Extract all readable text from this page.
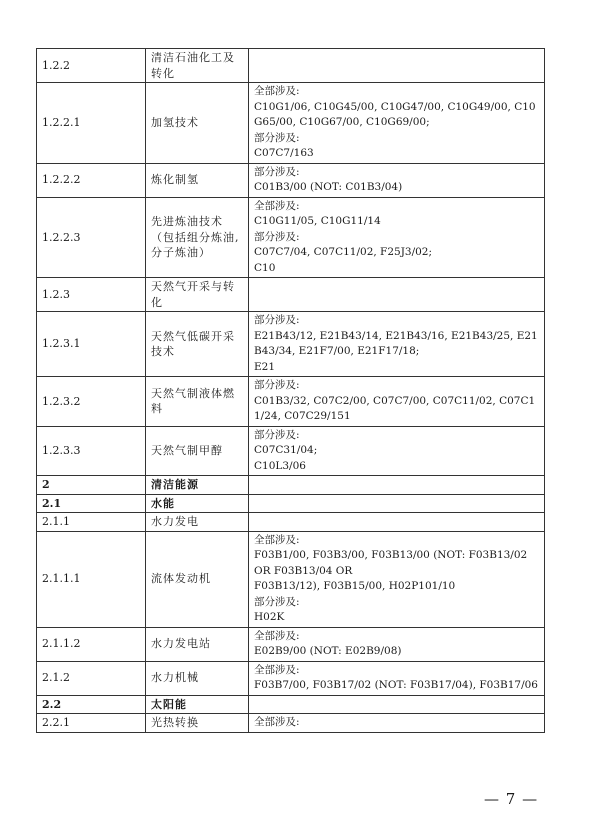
1.2.2	清洁石油化工及转化	
1.2.2.1	加氢技术	全部涉及:
C10G1/06, C10G45/00, C10G47/00, C10G49/00, C10G65/00, C10G67/00, C10G69/00;
部分涉及:
C07C7/163
1.2.2.2	炼化制氢	部分涉及:
C01B3/00 (NOT: C01B3/04)
1.2.2.3	先进炼油技术（包括组分炼油, 分子炼油）	全部涉及:
C10G11/05, C10G11/14
部分涉及:
C07C7/04, C07C11/02, F25J3/02;
C10
1.2.3	天然气开采与转化	
1.2.3.1	天然气低碳开采技术	部分涉及:
E21B43/12, E21B43/14, E21B43/16, E21B43/25, E21B43/34, E21F7/00, E21F17/18;
E21
1.2.3.2	天然气制液体燃料	部分涉及:
C01B3/32, C07C2/00, C07C7/00, C07C11/02, C07C11/24, C07C29/151
1.2.3.3	天然气制甲醇	部分涉及:
C07C31/04;
C10L3/06
2	清洁能源	
2.1	水能	
2.1.1	水力发电	
2.1.1.1	流体发动机	全部涉及:
F03B1/00, F03B3/00, F03B13/00 (NOT: F03B13/02 OR F03B13/04 OR
F03B13/12), F03B15/00, H02P101/10
部分涉及:
H02K
2.1.1.2	水力发电站	全部涉及:
E02B9/00 (NOT: E02B9/08)
2.1.2	水力机械	全部涉及:
F03B7/00, F03B17/02 (NOT: F03B17/04), F03B17/06
2.2	太阳能	
2.2.1	光热转换	全部涉及:
— 7 —
